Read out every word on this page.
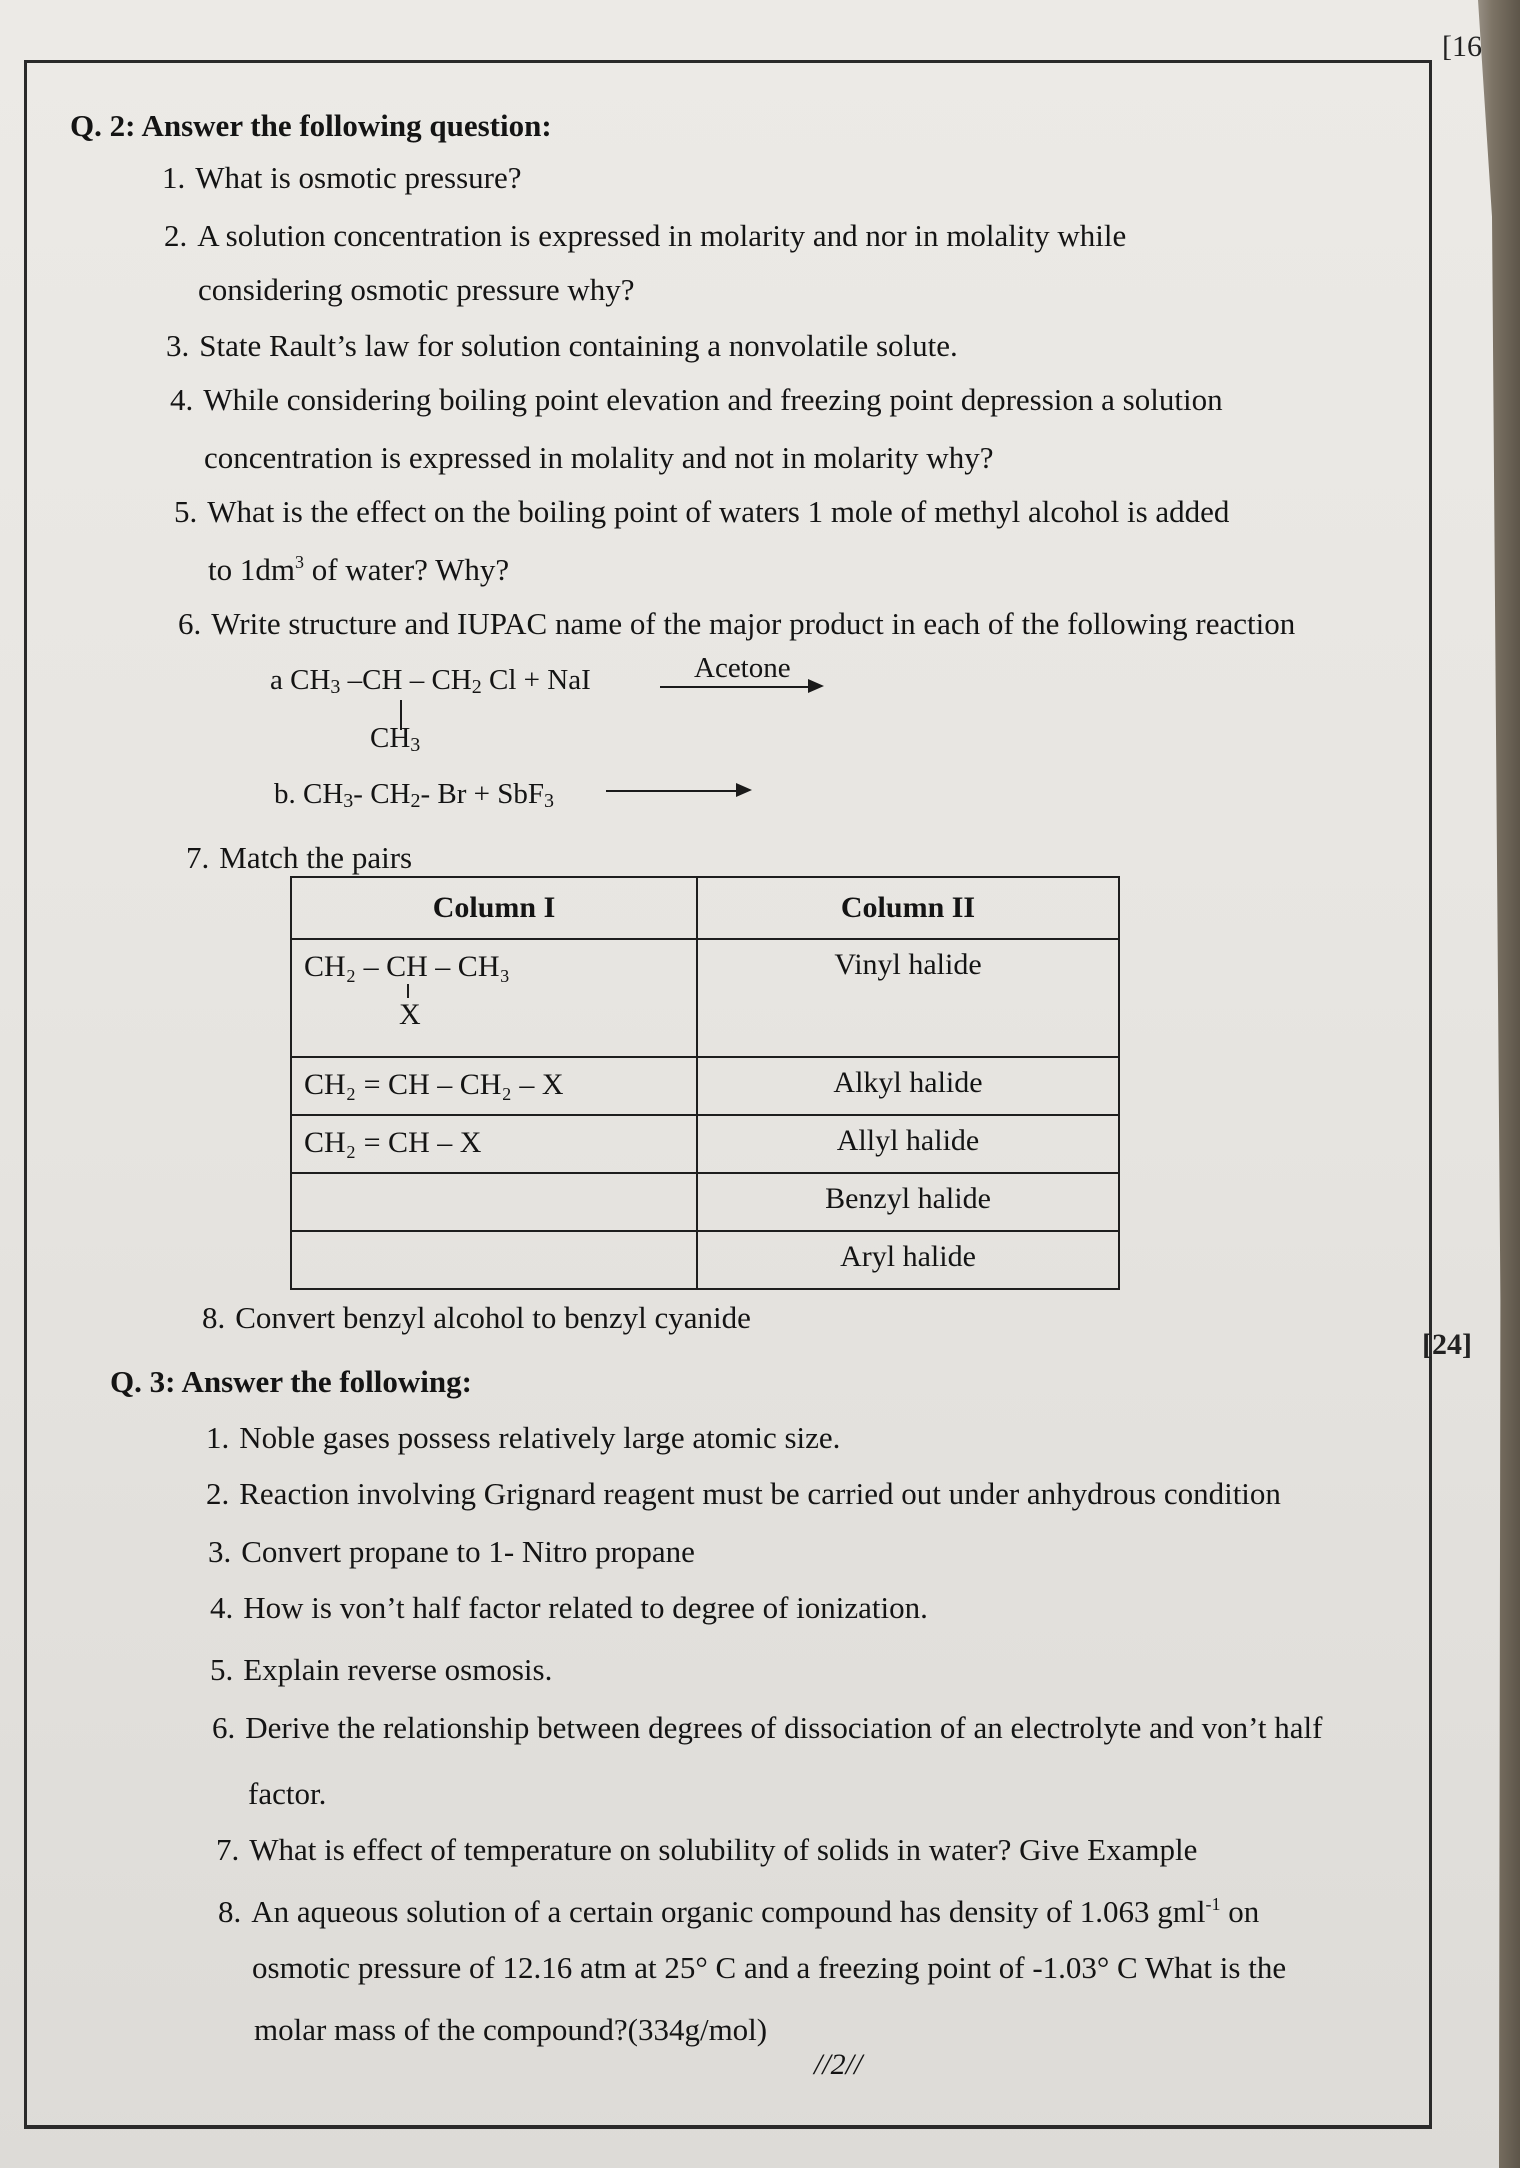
[16
Q. 2: Answer the following question:
1. What is osmotic pressure?
2. A solution concentration is expressed in molarity and nor in molality while
considering osmotic pressure why?
3. State Rault’s law for solution containing a nonvolatile solute.
4. While considering boiling point elevation and freezing point depression a solution
concentration is expressed in molality and not in molarity why?
5. What is the effect on the boiling point of waters 1 mole of methyl alcohol is added
to $1dm^3$ of water? Why?
6. Write structure and IUPAC name of the major product in each of the following reaction
a $CH_3$ $-CH - CH_2$ Cl + NaI	Acetone
$CH_3$
b. $CH_3-$ $CH_2-$ Br + SbF$_3$
7. Match the pairs
Column I	Column II

CH₂ – CH – CH₃
X	Vinyl halide

CH₂ = CH – CH₂ – X	Alkyl halide

CH₂ = CH – X	Allyl halide

	Benzyl halide

	Aryl halide
8. Convert benzyl alcohol to benzyl cyanide
[24]
Q. 3: Answer the following:
1. Noble gases possess relatively large atomic size.
2. Reaction involving Grignard reagent must be carried out under anhydrous condition
3. Convert propane to 1- Nitro propane
4. How is von’t half factor related to degree of ionization.
5. Explain reverse osmosis.
6. Derive the relationship between degrees of dissociation of an electrolyte and von’t half
factor.
7. What is effect of temperature on solubility of solids in water? Give Example
8. An aqueous solution of a certain organic compound has density of 1.063 gml$^{-1}$ on
osmotic pressure of 12.16 atm at 25° C and a freezing point of -1.03° C What is the
molar mass of the compound?(334g/mol)
//2//
